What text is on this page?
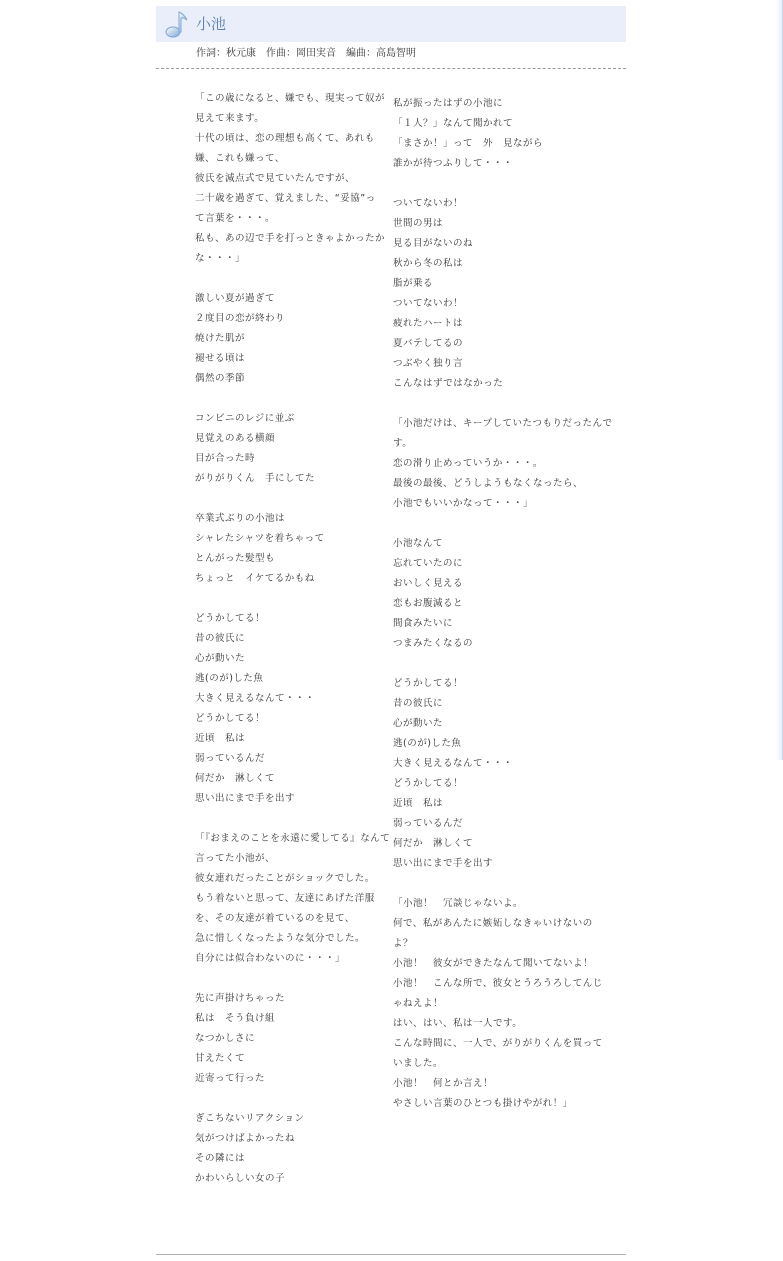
小池
作詞：秋元康　作曲：岡田実音　編曲：高島智明
「この歳になると、嫌でも、現実って奴が
見えて来ます。
十代の頃は、恋の理想も高くて、あれも
嫌、これも嫌って、
彼氏を減点式で見ていたんですが、
二十歳を過ぎて、覚えました、“妥協”っ
て言葉を・・・。
私も、あの辺で手を打っときゃよかったか
な・・・」
激しい夏が過ぎて
２度目の恋が終わり
焼けた肌が
褪せる頃は
偶然の季節
コンビニのレジに並ぶ
見覚えのある横顔
目が合った時
がりがりくん　手にしてた
卒業式ぶりの小池は
シャレたシャツを着ちゃって
とんがった髪型も
ちょっと　イケてるかもね
どうかしてる！
昔の彼氏に
心が動いた
逃(のが)した魚
大きく見えるなんて・・・
どうかしてる！
近頃　私は
弱っているんだ
何だか　淋しくて
思い出にまで手を出す
「『おまえのことを永遠に愛してる』なんて
言ってた小池が、
彼女連れだったことがショックでした。
もう着ないと思って、友達にあげた洋服
を、その友達が着ているのを見て、
急に惜しくなったような気分でした。
自分には似合わないのに・・・」
先に声掛けちゃった
私は　そう負け組
なつかしさに
甘えたくて
近寄って行った
ぎこちないリアクション
気がつけばよかったね
その隣には
かわいらしい女の子
私が振ったはずの小池に
「１人？」なんて聞かれて
「まさか！」って　外　見ながら
誰かが待つふりして・・・
ついてないわ！
世間の男は
見る目がないのね
秋から冬の私は
脂が乗る
ついてないわ！
疲れたハートは
夏バテしてるの
つぶやく独り言
こんなはずではなかった
「小池だけは、キープしていたつもりだったんで
す。
恋の滑り止めっていうか・・・。
最後の最後、どうしようもなくなったら、
小池でもいいかなって・・・」
小池なんて
忘れていたのに
おいしく見える
恋もお腹減ると
間食みたいに
つまみたくなるの
どうかしてる！
昔の彼氏に
心が動いた
逃(のが)した魚
大きく見えるなんて・・・
どうかしてる！
近頃　私は
弱っているんだ
何だか　淋しくて
思い出にまで手を出す
「小池！　冗談じゃないよ。
何で、私があんたに嫉妬しなきゃいけないの
よ？
小池！　彼女ができたなんて聞いてないよ！
小池！　こんな所で、彼女とうろうろしてんじ
ゃねえよ！
はい、はい、私は一人です。
こんな時間に、一人で、がりがりくんを買って
いました。
小池！　何とか言え！
やさしい言葉のひとつも掛けやがれ！」
